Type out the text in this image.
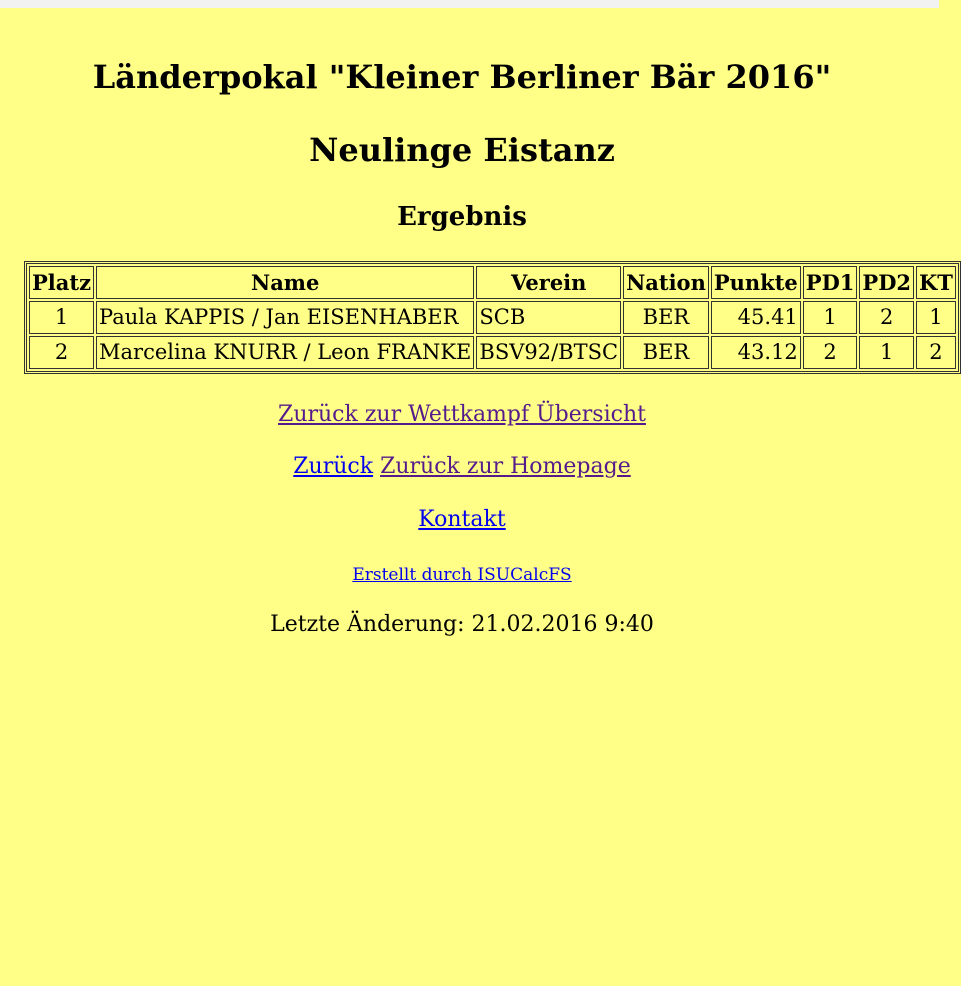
Länderpokal "Kleiner Berliner Bär 2016"
Neulinge Eistanz
Ergebnis
Platz	Name	Verein	Nation	Punkte	PD1	PD2	KT
1	Paula KAPPIS / Jan EISENHABER	SCB	BER	45.41	1	2	1
2	Marcelina KNURR / Leon FRANKE	BSV92/BTSC	BER	43.12	2	1	2
Zurück zur Wettkampf Übersicht
Zurück Zurück zur Homepage
Kontakt
Erstellt durch ISUCalcFS
Letzte Änderung: 21.02.2016 9:40
